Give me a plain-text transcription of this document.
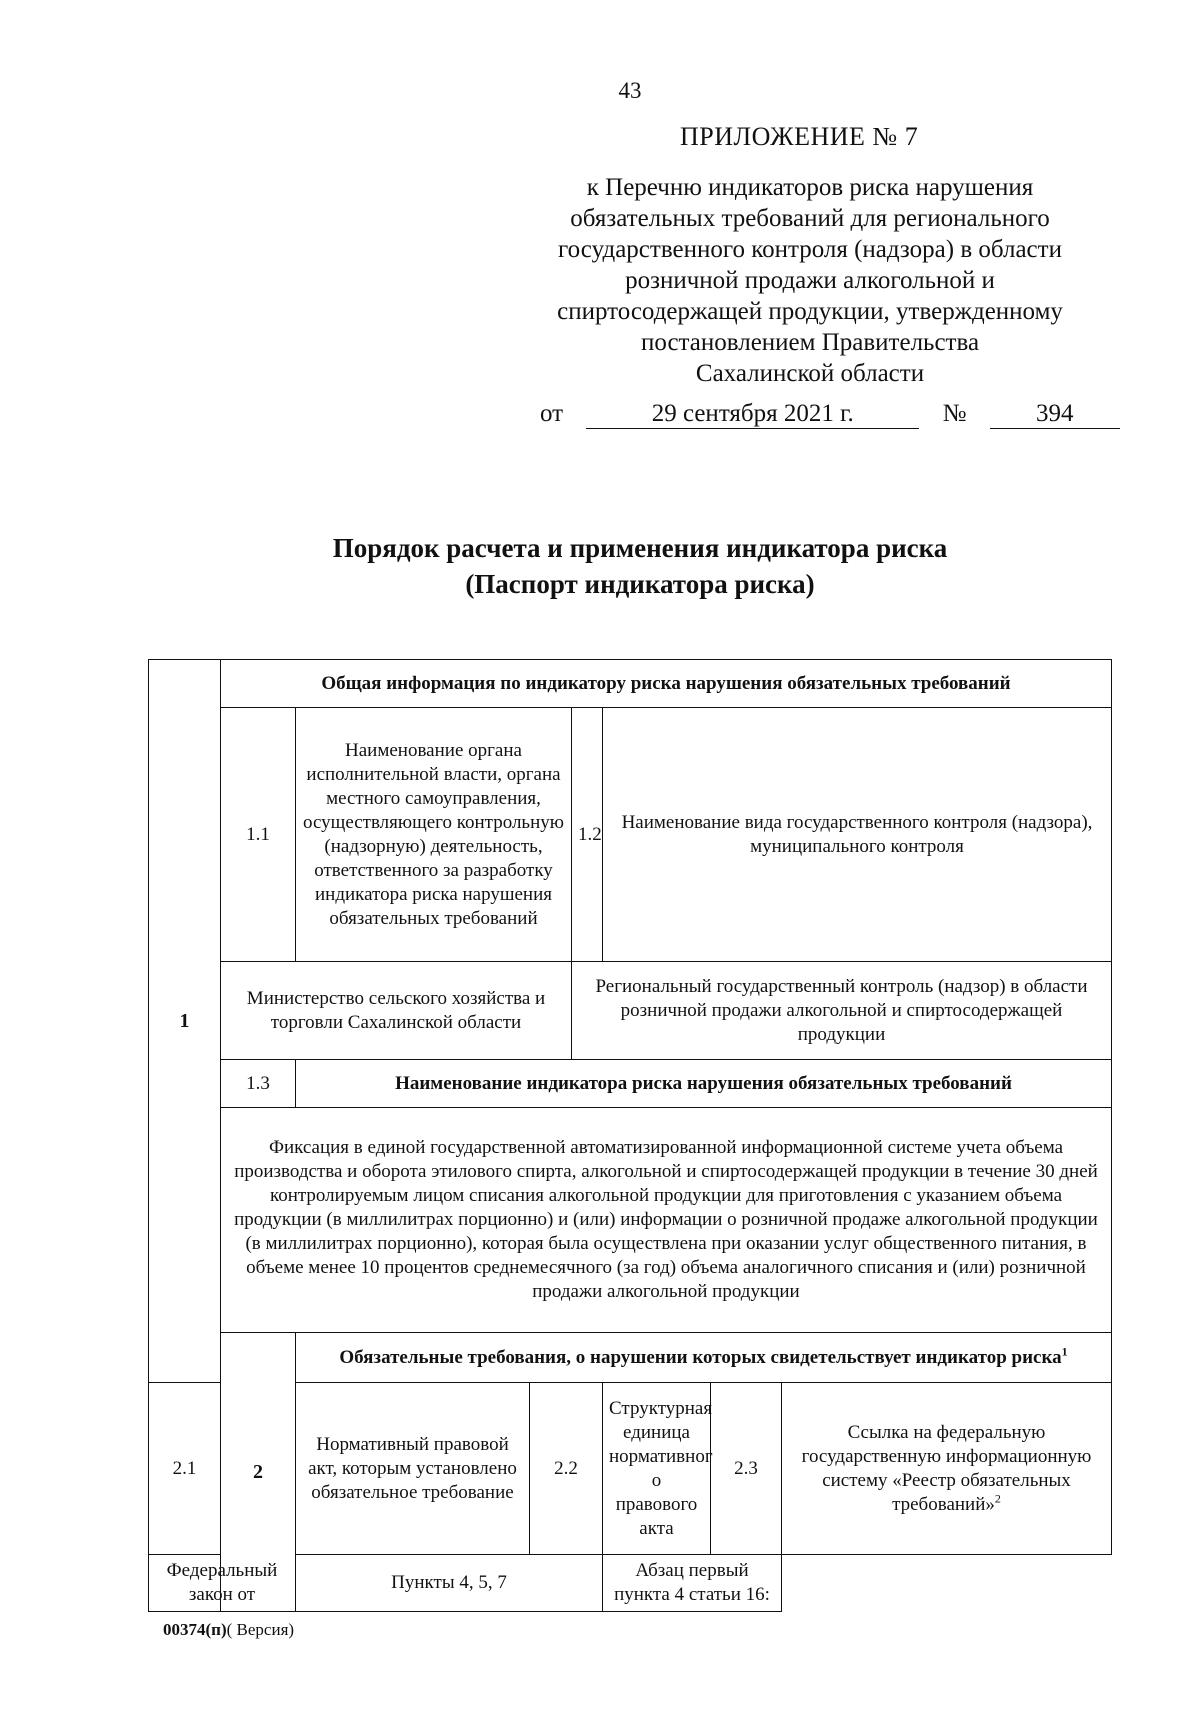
43
ПРИЛОЖЕНИЕ № 7

к Перечню индикаторов риска нарушения

обязательных требований для регионального

государственного контроля (надзора) в области

розничной продажи алкогольной и

спиртосодержащей продукции, утвержденному

постановлением Правительства

Сахалинской области

от	29 сентября 2021 г.	№	394
Порядок расчета и применения индикатора риска
(Паспорт индикатора риска)
1	Общая информация по индикатору риска нарушения обязательных требований						
	1.1	Наименование органа исполнительной власти, органа местного самоуправления, осуществляющего контрольную (надзорную) деятельность, ответственного за разработку индикатора риска нарушения обязательных требований		1.2	Наименование вида государственного контроля (надзора), муниципального контроля		
	Министерство сельского хозяйства и торговли Сахалинской области			Региональный государственный контроль (надзор) в области розничной продажи алкогольной и спиртосодержащей продукции			
	1.3	Наименование индикатора риска нарушения обязательных требований					
	Фиксация в единой государственной автоматизированной информационной системе учета объема производства и оборота этилового спирта, алкогольной и спиртосодержащей продукции в течение 30 дней контролируемым лицом списания алкогольной продукции для приготовления с указанием объема продукции (в миллилитрах порционно) и (или) информации о розничной продаже алкогольной продукции (в миллилитрах порционно), которая была осуществлена при оказании услуг общественного питания, в объеме менее 10 процентов среднемесячного (за год) объема аналогичного списания и (или) розничной продажи алкогольной продукции						
	2	Обязательные требования, о нарушении которых свидетельствует индикатор риска$^1$
2.1		Нормативный правовой акт, которым установлено обязательное требование	2.2		Структурная единица нормативног о правового акта	2.3	Ссылка на федеральную государственную информационную систему «Реестр обязательных требований»$^2$
Федеральный закон от		Пункты 4, 5, 7			Абзац первый пункта 4 статьи 16:		
00374(п)( Версия)
